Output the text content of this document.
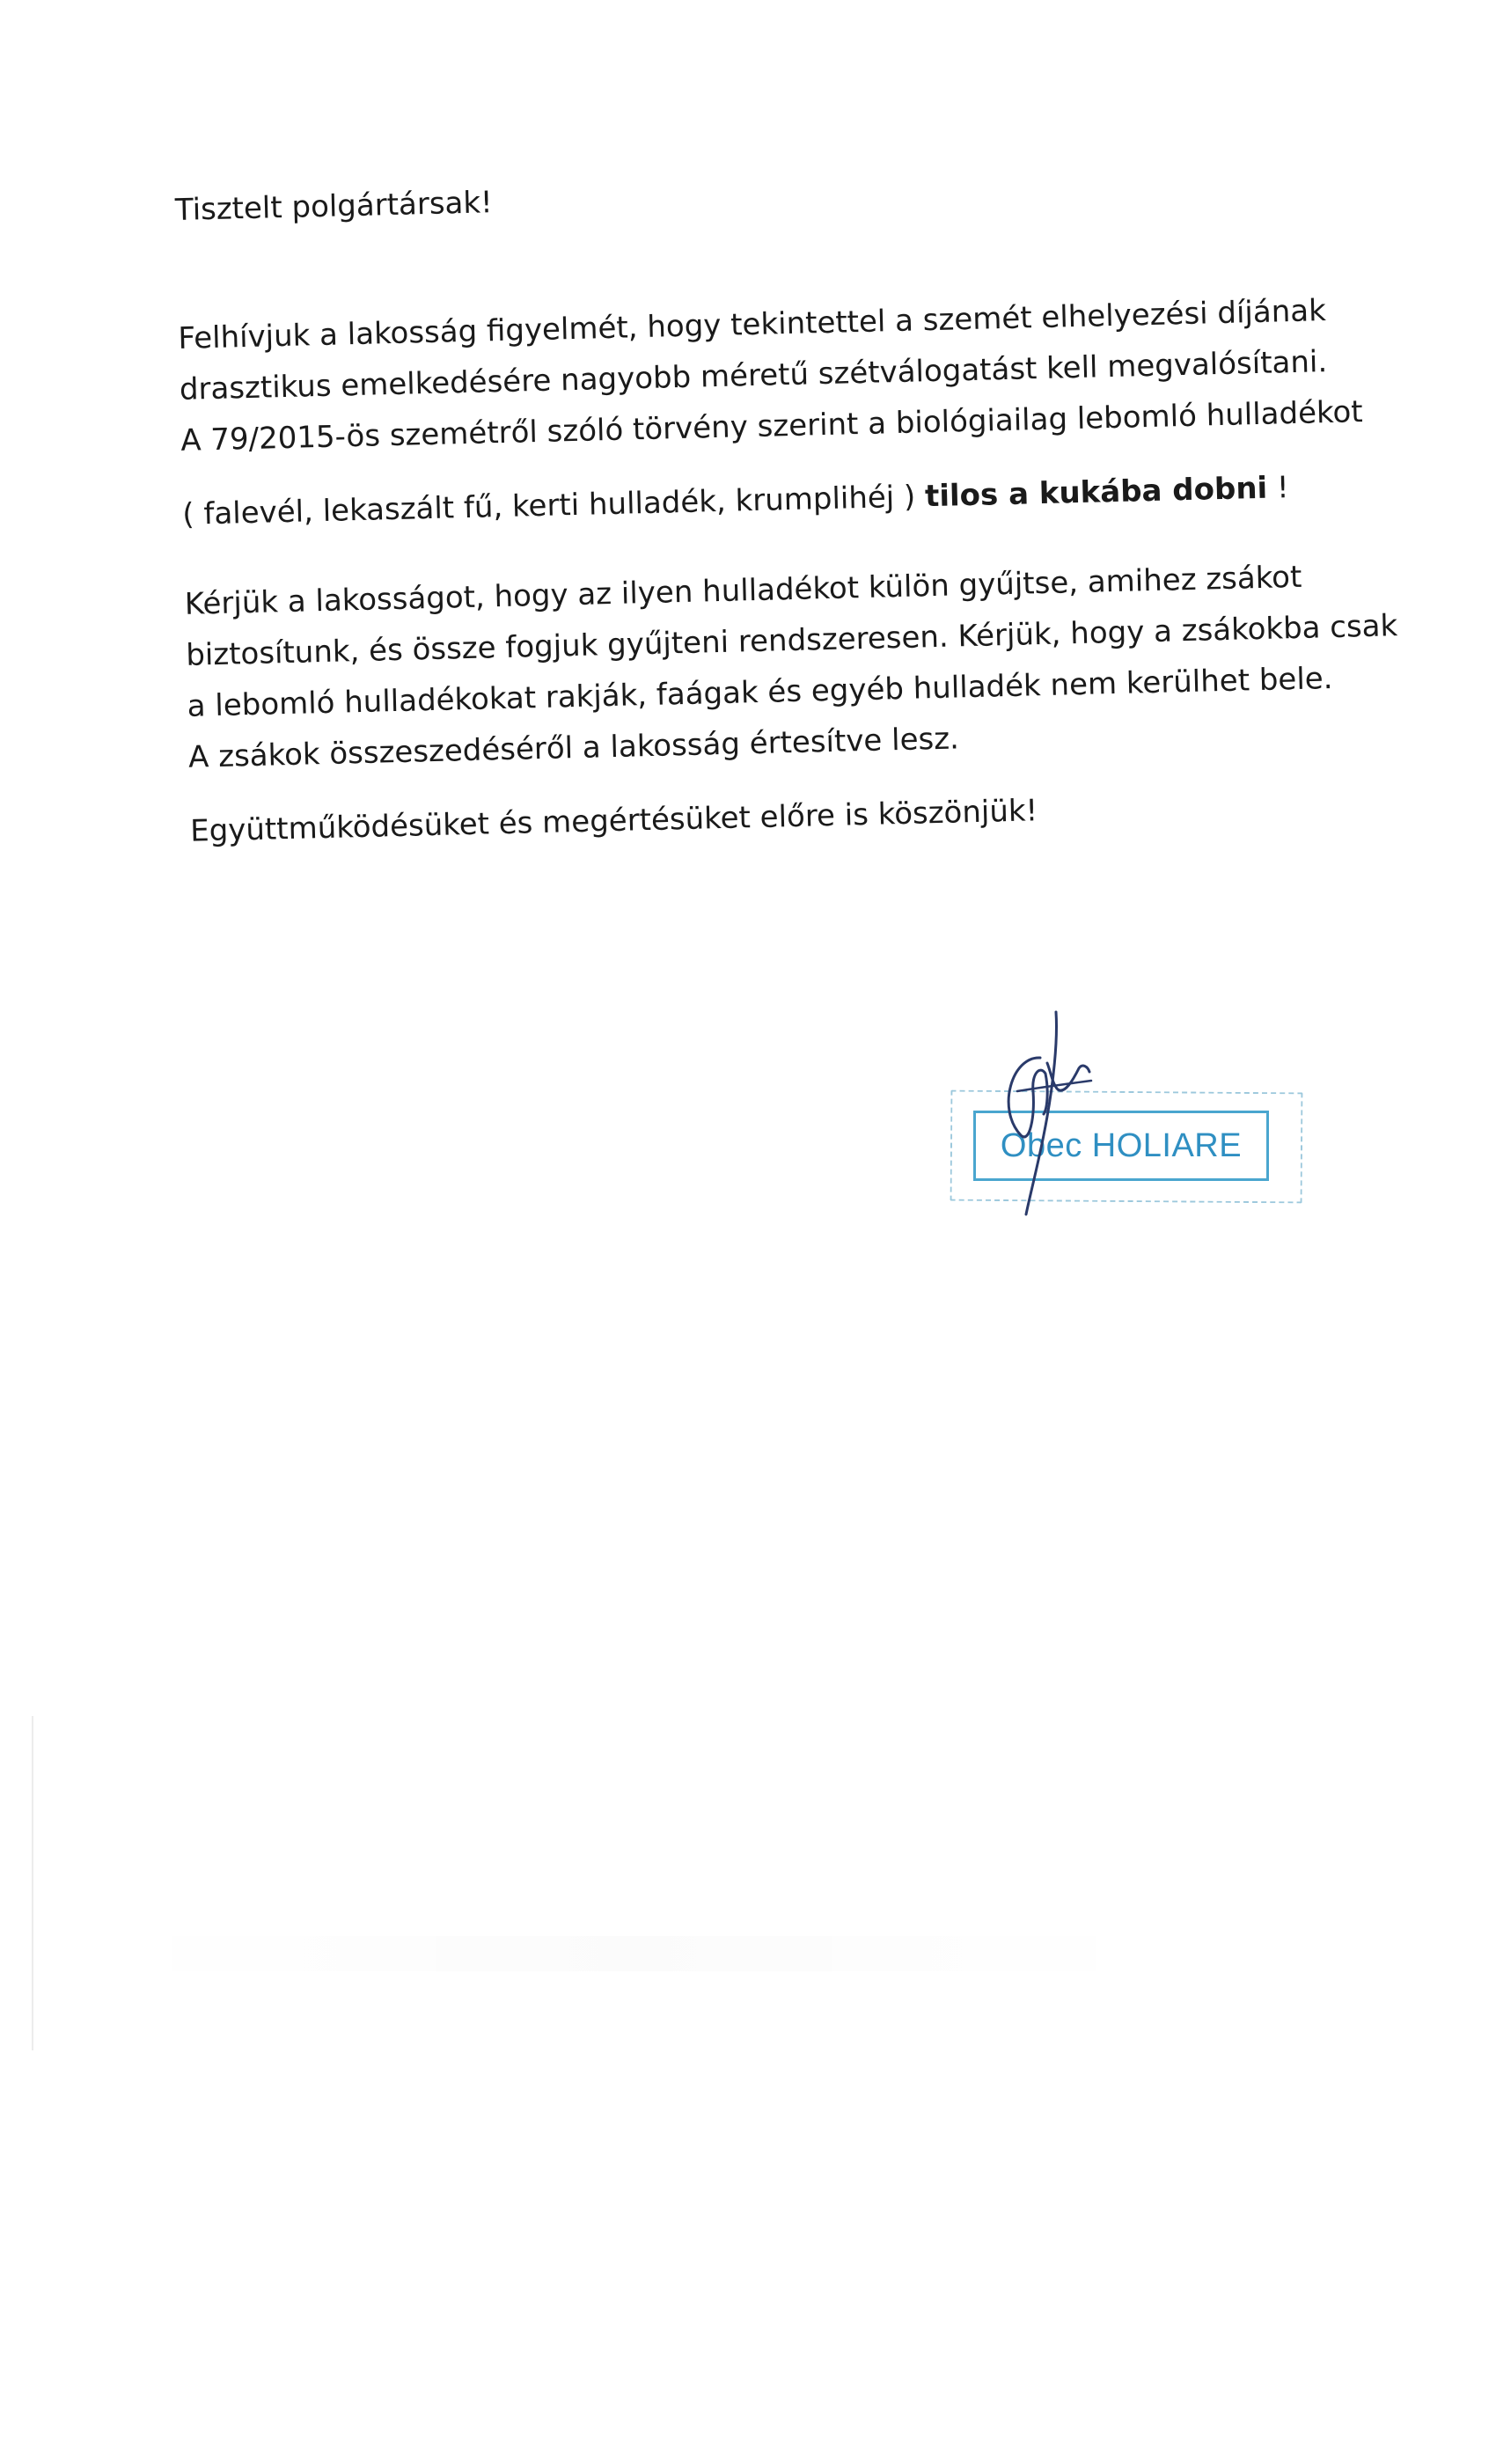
Tisztelt polgártársak!
Felhívjuk a lakosság figyelmét, hogy tekintettel a szemét elhelyezési díjának
drasztikus emelkedésére nagyobb méretű szétválogatást kell megvalósítani.
A 79/2015-ös szemétről szóló törvény szerint a biológiailag lebomló hulladékot
( falevél, lekaszált fű, kerti hulladék, krumplihéj ) tilos a kukába dobni !
Kérjük a lakosságot, hogy az ilyen hulladékot külön gyűjtse, amihez zsákot
biztosítunk, és össze fogjuk gyűjteni rendszeresen. Kérjük, hogy a zsákokba csak
a lebomló hulladékokat rakják, faágak és egyéb hulladék nem kerülhet bele.
A zsákok összeszedéséről a lakosság értesítve lesz.
Együttműködésüket és megértésüket előre is köszönjük!
Obec HOLIARE
